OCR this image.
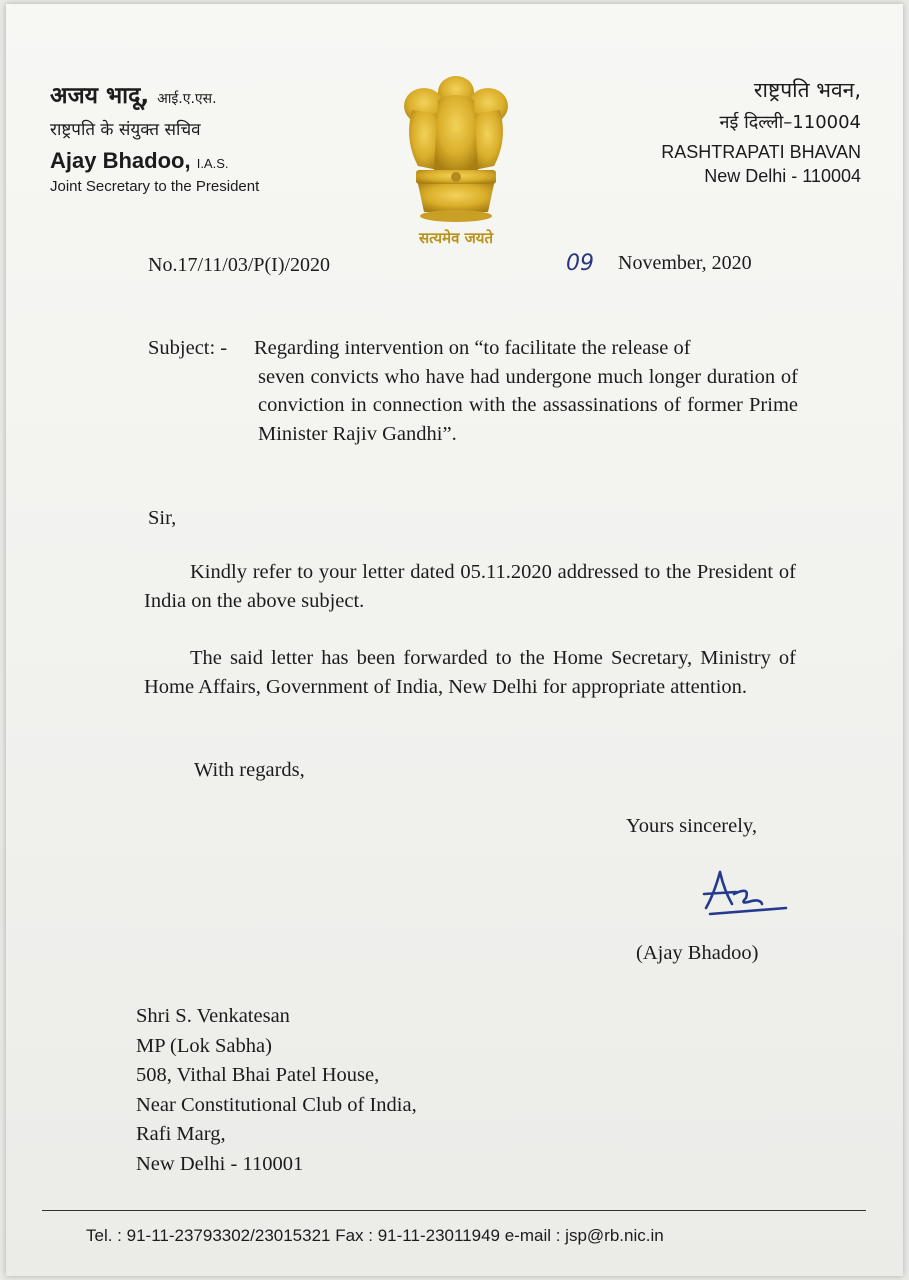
अजय भादू, आई.ए.एस.
राष्ट्रपति के संयुक्त सचिव
Ajay Bhadoo, I.A.S.
Joint Secretary to the President
सत्यमेव जयते
राष्ट्रपति भवन,
नई दिल्ली–110004
RASHTRAPATI BHAVAN
New Delhi - 110004
No.17/11/03/P(I)/2020	09 November, 2020
Subject: - Regarding intervention on “to facilitate the release of
seven convicts who have had undergone much longer duration of conviction in connection with the assassinations of former Prime Minister Rajiv Gandhi”.
Sir,
Kindly refer to your letter dated 05.11.2020 addressed to the President of India on the above subject.
The said letter has been forwarded to the Home Secretary, Ministry of Home Affairs, Government of India, New Delhi for appropriate attention.
With regards,
Yours sincerely,
(Ajay Bhadoo)
Shri S. Venkatesan
MP (Lok Sabha)
508, Vithal Bhai Patel House,
Near Constitutional Club of India,
Rafi Marg,
New Delhi - 110001
Tel. : 91-11-23793302/23015321 Fax : 91-11-23011949 e-mail : jsp@rb.nic.in
